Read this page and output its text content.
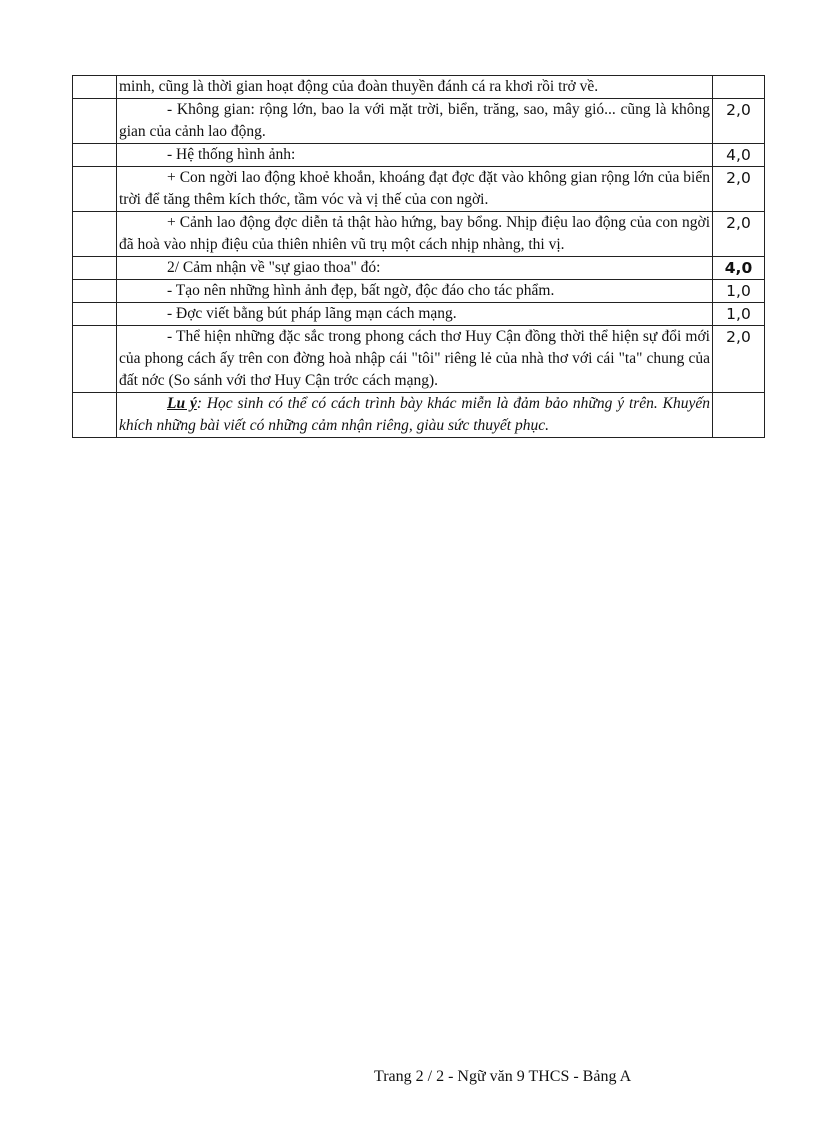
	minh, cũng là thời gian hoạt động của đoàn thuyền đánh cá ra khơi rồi trở về.	
	- Không gian: rộng lớn, bao la với mặt trời, biển, trăng, sao, mây gió... cũng là không gian của cảnh lao động.	2,0
	- Hệ thống hình ảnh:	4,0
	+ Con ngời lao động khoẻ khoắn, khoáng đạt đợc đặt vào không gian rộng lớn của biển trời để tăng thêm kích thớc, tầm vóc và vị thế của con ngời.	2,0
	+ Cảnh lao động đợc diễn tả thật hào hứng, bay bổng. Nhịp điệu lao động của con ngời đã hoà vào nhịp điệu của thiên nhiên vũ trụ một cách nhịp nhàng, thi vị.	2,0
	2/ Cảm nhận về "sự giao thoa" đó:	4,0
	- Tạo nên những hình ảnh đẹp, bất ngờ, độc đáo cho tác phẩm.	1,0
	- Đợc viết bằng bút pháp lãng mạn cách mạng.	1,0
	- Thể hiện những đặc sắc trong phong cách thơ Huy Cận đồng thời thể hiện sự đổi mới của phong cách ấy trên con đờng hoà nhập cái "tôi" riêng lẻ của nhà thơ với cái "ta" chung của đất nớc (So sánh với thơ Huy Cận trớc cách mạng).	2,0
	Lu ý: Học sinh có thể có cách trình bày khác miễn là đảm bảo những ý trên. Khuyến khích những bài viết có những cảm nhận riêng, giàu sức thuyết phục.	
Trang 2 / 2 - Ngữ văn 9 THCS - Bảng A
